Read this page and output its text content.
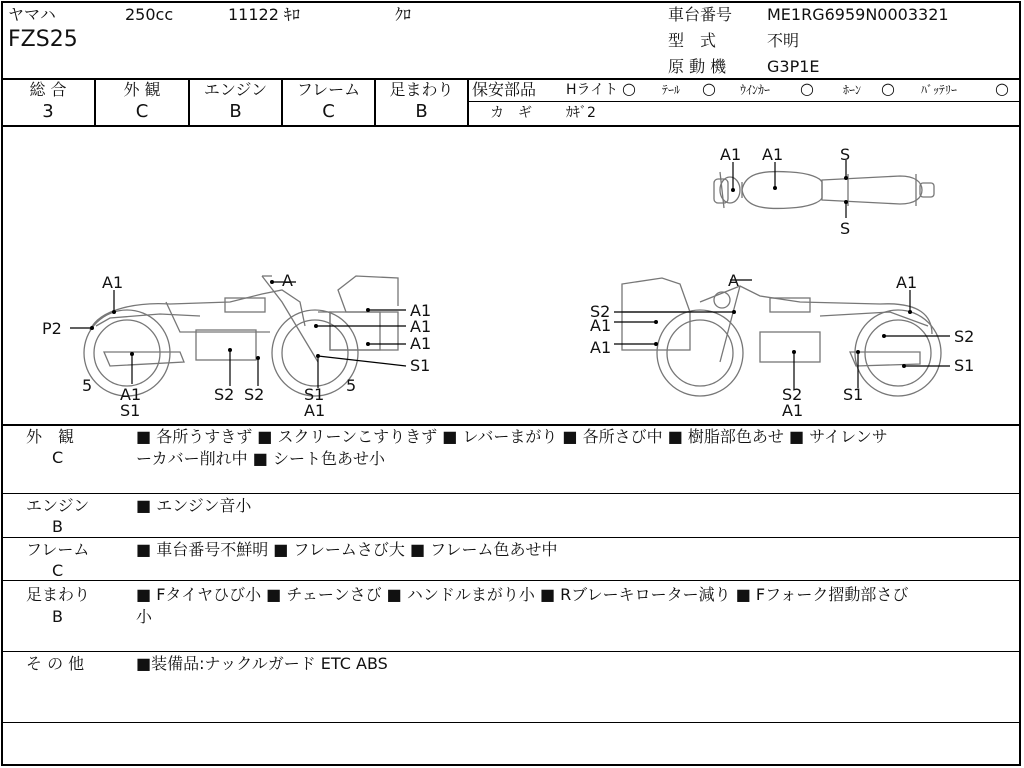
ヤマハ	250cc	11122 ｷﾛ	ｸﾛ
FZS25
車台番号 ME1RG6959N0003321
型　式	不明
原 動 機	G3P1E
総 合
3
外 観
C
エンジン
B
フレーム
C
足まわり
B
保安部品 Hライト ○ ﾃｰﾙ ○ ｳｲﾝｶｰ ○ ﾎｰﾝ ○ ﾊﾞｯﾃﾘｰ ○
カ　ギ	ｶｷﾞ2
A1 A1	S
S
A1	A
P2
A1
A1
A1
S1
5 A1
S1
S2 S2 S1
A1
5
A	A1
S2
A1
A1
S2
S1
S2
A1
S1
外　観
C
■ 各所うすきず ■ スクリーンこすりきず ■ レバーまがり ■ 各所さび中 ■ 樹脂部色あせ ■ サイレンサ
ーカバー削れ中 ■ シート色あせ小
エンジン
B
■ エンジン音小
フレーム
C
■ 車台番号不鮮明 ■ フレームさび大 ■ フレーム色あせ中
足まわり
B
■ Fタイヤひび小 ■ チェーンさび ■ ハンドルまがり小 ■ Rブレーキローター減り ■ Fフォーク摺動部さび
小
そ の 他	■装備品:ナックルガード ETC ABS
